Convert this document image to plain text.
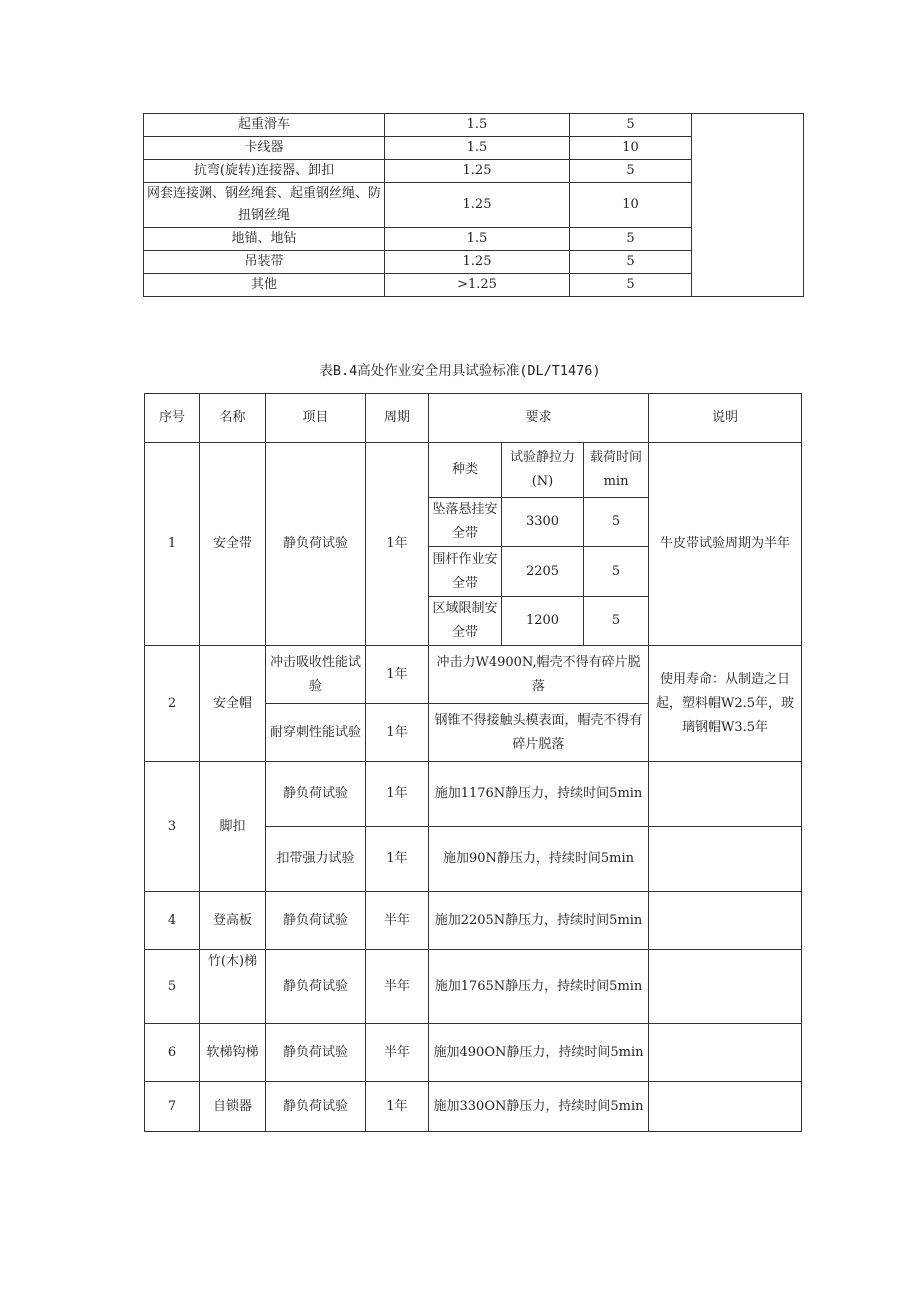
起重滑车	1.5	5	
卡线器	1.5	10	
抗弯(旋转)连接器、卸扣	1.25	5	
网套连接渊、钢丝绳套、起重钢丝绳、防扭钢丝绳	1.25	10	
地锚、地钻	1.5	5	
吊装带	1.25	5	
其他	>1.25	5	
表B.4高处作业安全用具试验标准(DL/T1476)
序号	名称	项目	周期	要求			说明
1	安全带	静负荷试验	1年	种类	试验静拉力(N)	载荷时间min	牛皮带试验周期为半年
				坠落悬挂安全带	3300	5	
				围杆作业安全带	2205	5	
				区域限制安全带	1200	5	
2	安全帽	冲击吸收性能试验	1年	冲击力W4900N,帽壳不得有碎片脱落			使用寿命：从制造之日起，塑料帽W2.5年，玻璃钢帽W3.5年
		耐穿刺性能试验	1年	钢锥不得接触头模表面，帽壳不得有碎片脱落			
3	脚扣	静负荷试验	1年	施加1176N静压力，持续时间5min			
		扣带强力试验	1年	施加90N静压力，持续时间5min			
4	登高板	静负荷试验	半年	施加2205N静压力，持续时间5min			
5	竹(木)梯	静负荷试验	半年	施加1765N静压力，持续时间5min			
6	软梯钩梯	静负荷试验	半年	施加490ON静压力，持续时间5min			
7	自锁器	静负荷试验	1年	施加330ON静压力，持续时间5min			
